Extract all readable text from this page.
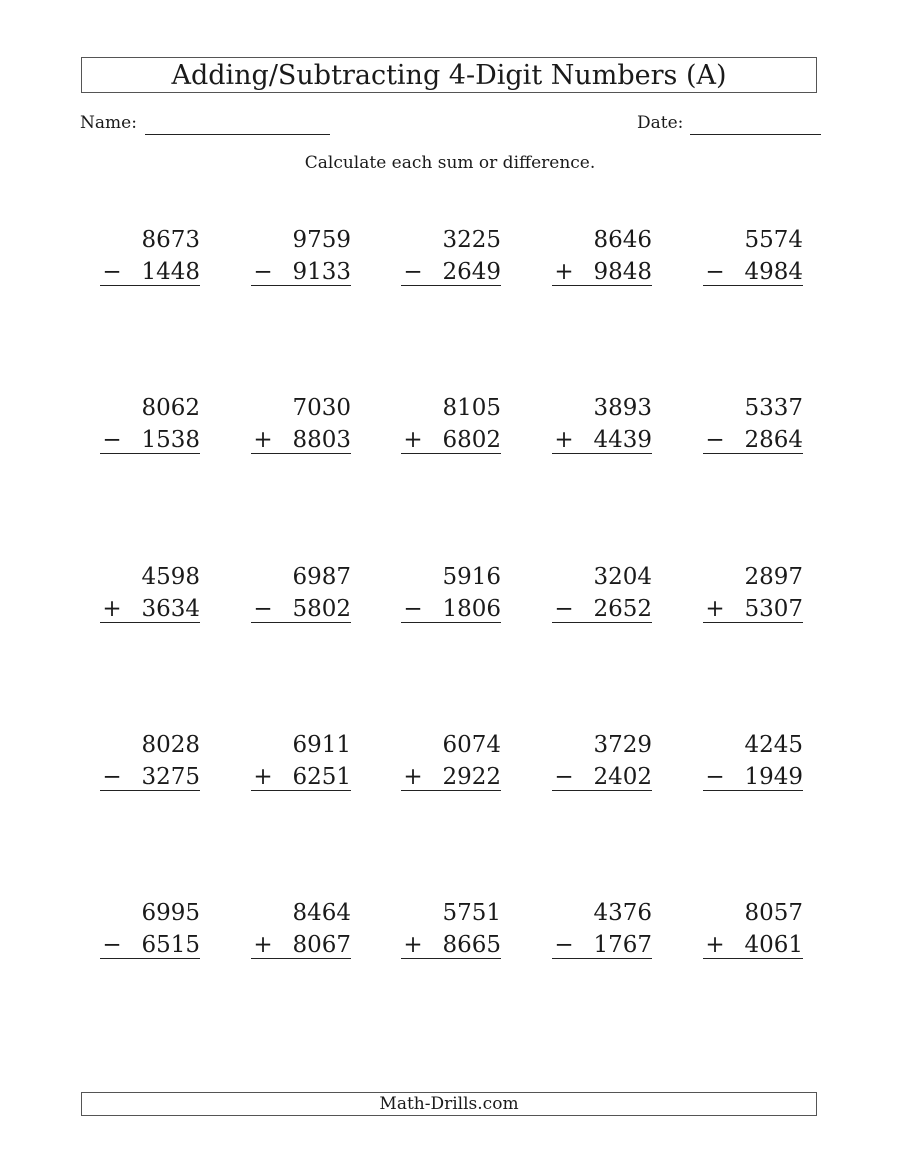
Adding/Subtracting 4-Digit Numbers (A)
Name:	Date:
Calculate each sum or difference.
8673
− 1448
9759
− 9133
3225
− 2649
8646
+ 9848
5574
− 4984
8062
− 1538
7030
+ 8803
8105
+ 6802
3893
+ 4439
5337
− 2864
4598
+ 3634
6987
− 5802
5916
− 1806
3204
− 2652
2897
+ 5307
8028
− 3275
6911
+ 6251
6074
+ 2922
3729
− 2402
4245
− 1949
6995
− 6515
8464
+ 8067
5751
+ 8665
4376
− 1767
8057
+ 4061
Math-Drills.com
